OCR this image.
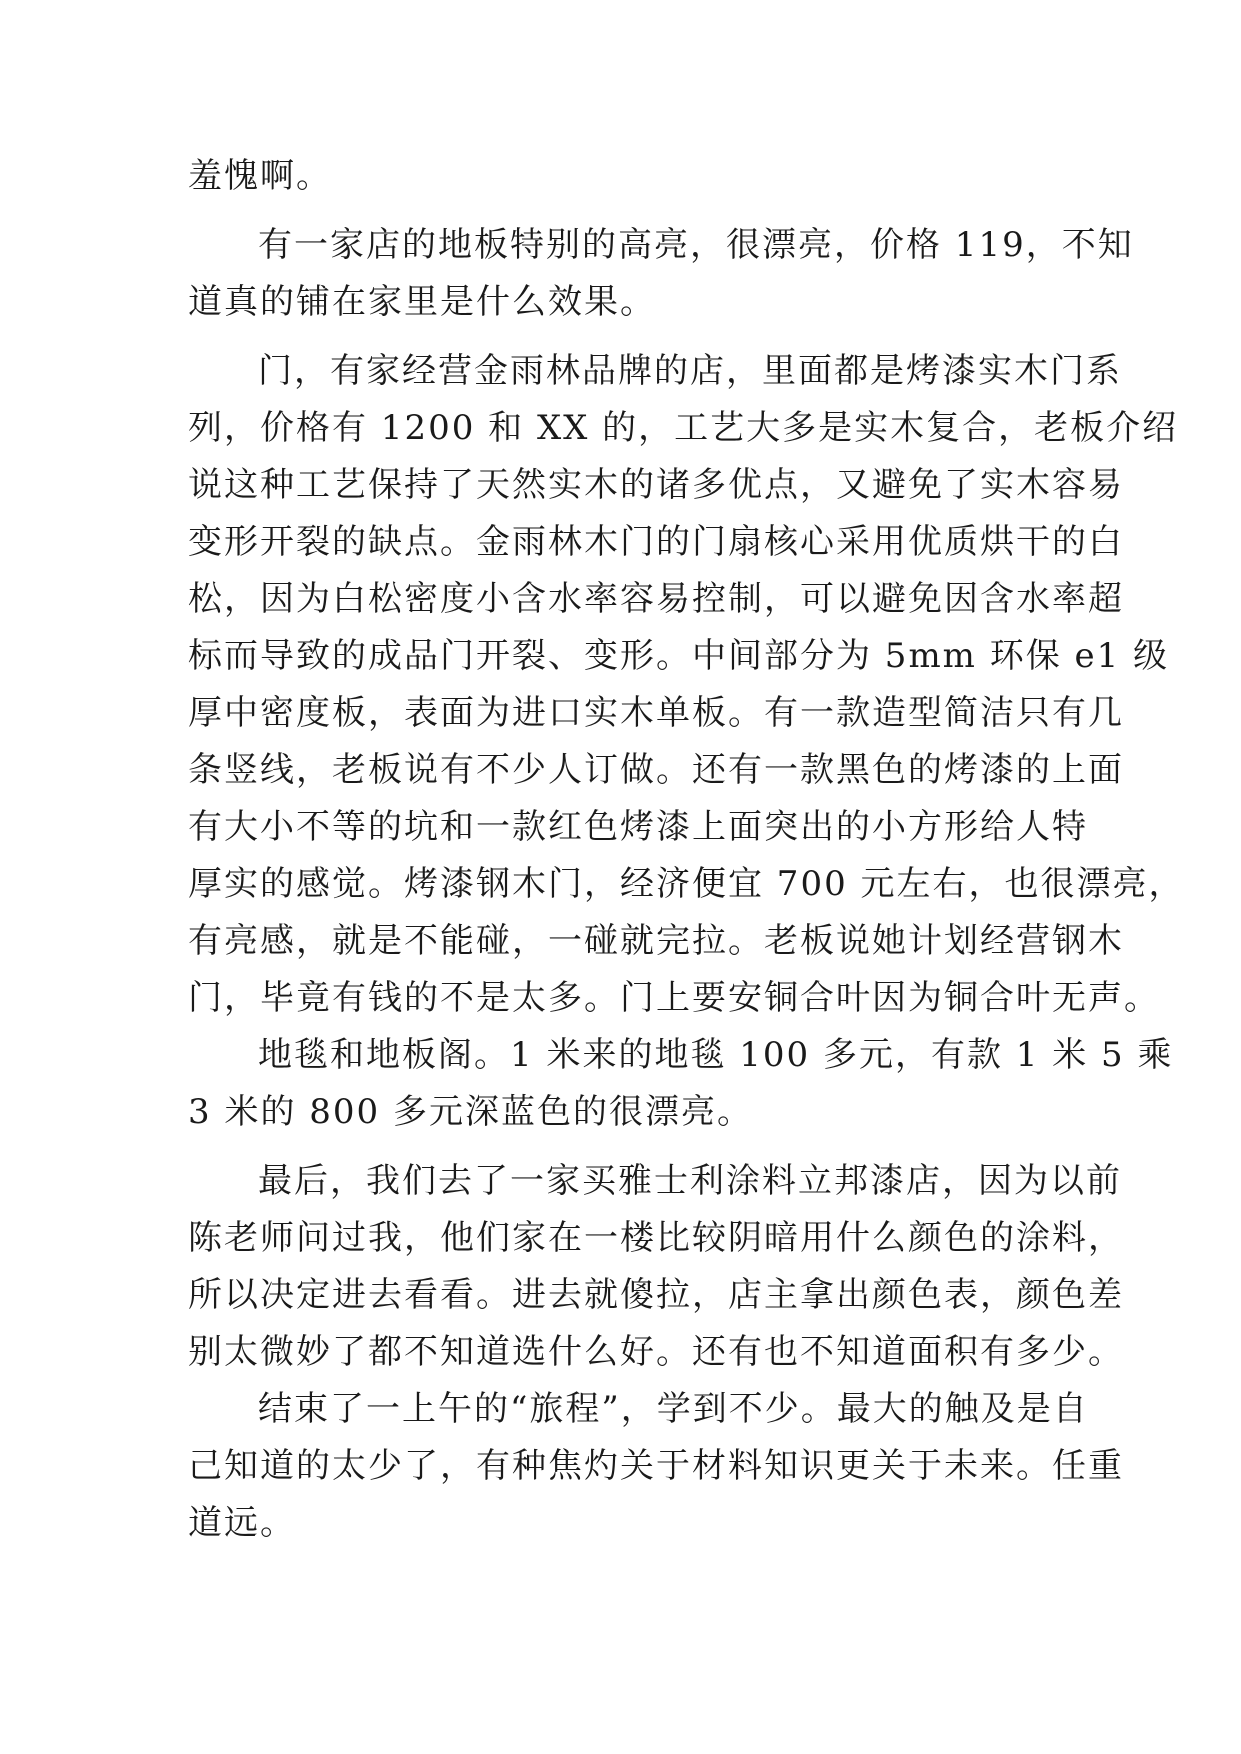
羞愧啊。
有一家店的地板特别的高亮，很漂亮，价格 119，不知
道真的铺在家里是什么效果。
门，有家经营金雨林品牌的店，里面都是烤漆实木门系
列，价格有 1200 和 XX 的，工艺大多是实木复合，老板介绍
说这种工艺保持了天然实木的诸多优点，又避免了实木容易
变形开裂的缺点。金雨林木门的门扇核心采用优质烘干的白
松，因为白松密度小含水率容易控制，可以避免因含水率超
标而导致的成品门开裂、变形。中间部分为 5mm 环保 e1 级
厚中密度板，表面为进口实木单板。有一款造型简洁只有几
条竖线，老板说有不少人订做。还有一款黑色的烤漆的上面
有大小不等的坑和一款红色烤漆上面突出的小方形给人特
厚实的感觉。烤漆钢木门，经济便宜 700 元左右，也很漂亮，
有亮感，就是不能碰，一碰就完拉。老板说她计划经营钢木
门，毕竟有钱的不是太多。门上要安铜合叶因为铜合叶无声。
地毯和地板阁。1 米来的地毯 100 多元，有款 1 米 5 乘
3 米的 800 多元深蓝色的很漂亮。
最后，我们去了一家买雅士利涂料立邦漆店，因为以前
陈老师问过我，他们家在一楼比较阴暗用什么颜色的涂料，
所以决定进去看看。进去就傻拉，店主拿出颜色表，颜色差
别太微妙了都不知道选什么好。还有也不知道面积有多少。
结束了一上午的“旅程”，学到不少。最大的触及是自
己知道的太少了，有种焦灼关于材料知识更关于未来。任重
道远。
